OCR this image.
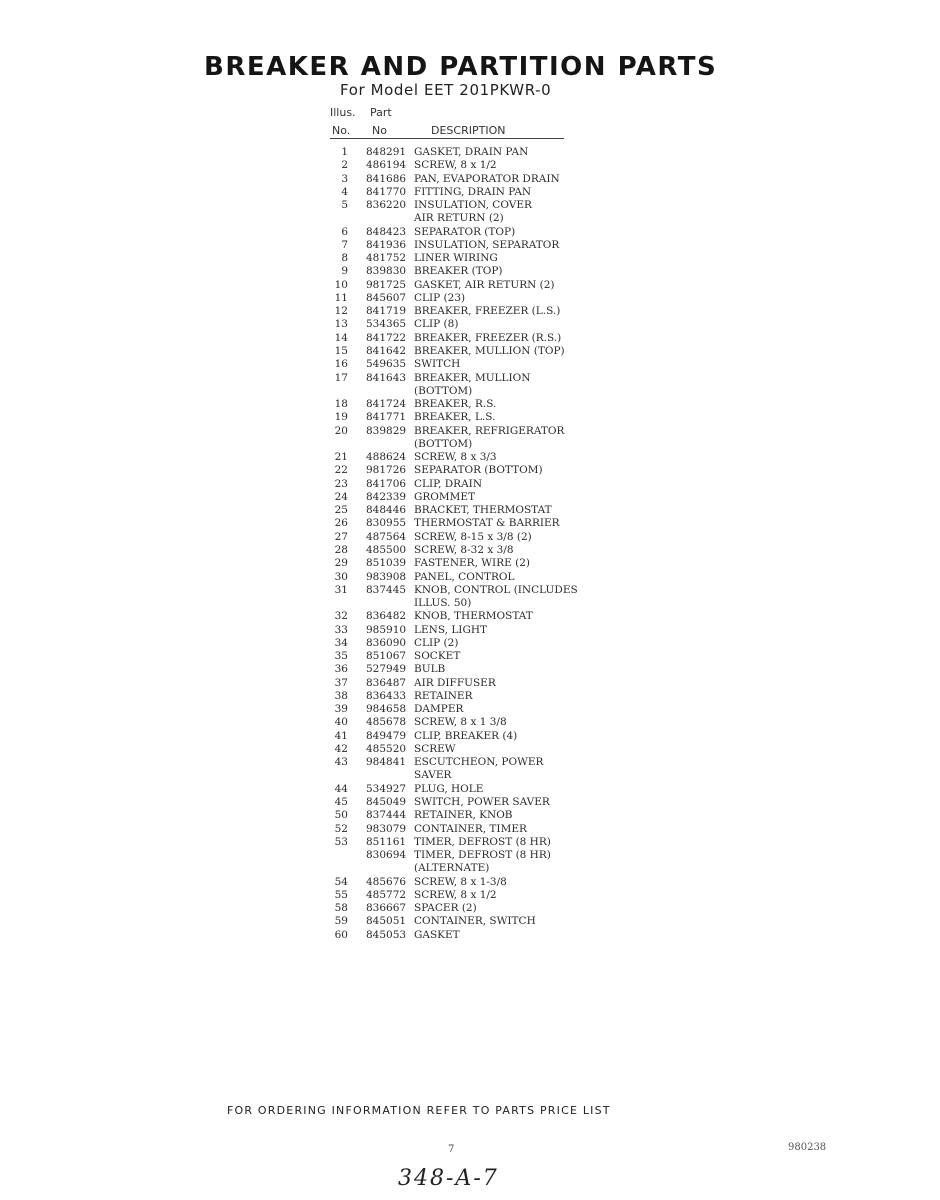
BREAKER AND PARTITION PARTS
For Model EET 201PKWR-0
Illus. Part
No. No	DESCRIPTION
1 848291 GASKET, DRAIN PAN
2 486194 SCREW, 8 x 1/2
3 841686 PAN, EVAPORATOR DRAIN
4 841770 FITTING, DRAIN PAN
5 836220 INSULATION, COVER
AIR RETURN (2)
6 848423 SEPARATOR (TOP)
7 841936 INSULATION, SEPARATOR
8 481752 LINER WIRING
9 839830 BREAKER (TOP)
10 981725 GASKET, AIR RETURN (2)
11 845607 CLIP (23)
12 841719 BREAKER, FREEZER (L.S.)
13 534365 CLIP (8)
14 841722 BREAKER, FREEZER (R.S.)
15 841642 BREAKER, MULLION (TOP)
16 549635 SWITCH
17 841643 BREAKER, MULLION
(BOTTOM)
18 841724 BREAKER, R.S.
19 841771 BREAKER, L.S.
20 839829 BREAKER, REFRIGERATOR
(BOTTOM)
21 488624 SCREW, 8 x 3/3
22 981726 SEPARATOR (BOTTOM)
23 841706 CLIP, DRAIN
24 842339 GROMMET
25 848446 BRACKET, THERMOSTAT
26 830955 THERMOSTAT & BARRIER
27 487564 SCREW, 8-15 x 3/8 (2)
28 485500 SCREW, 8-32 x 3/8
29 851039 FASTENER, WIRE (2)
30 983908 PANEL, CONTROL
31 837445 KNOB, CONTROL (INCLUDES
ILLUS. 50)
32 836482 KNOB, THERMOSTAT
33 985910 LENS, LIGHT
34 836090 CLIP (2)
35 851067 SOCKET
36 527949 BULB
37 836487 AIR DIFFUSER
38 836433 RETAINER
39 984658 DAMPER
40 485678 SCREW, 8 x 1 3/8
41 849479 CLIP, BREAKER (4)
42 485520 SCREW
43 984841 ESCUTCHEON, POWER
SAVER
44 534927 PLUG, HOLE
45 845049 SWITCH, POWER SAVER
50 837444 RETAINER, KNOB
52 983079 CONTAINER, TIMER
53 851161 TIMER, DEFROST (8 HR)
830694 TIMER, DEFROST (8 HR)
(ALTERNATE)
54 485676 SCREW, 8 x 1-3/8
55 485772 SCREW, 8 x 1/2
58 836667 SPACER (2)
59 845051 CONTAINER, SWITCH
60 845053 GASKET
FOR ORDERING INFORMATION REFER TO PARTS PRICE LIST
7	980238
348-A-7
